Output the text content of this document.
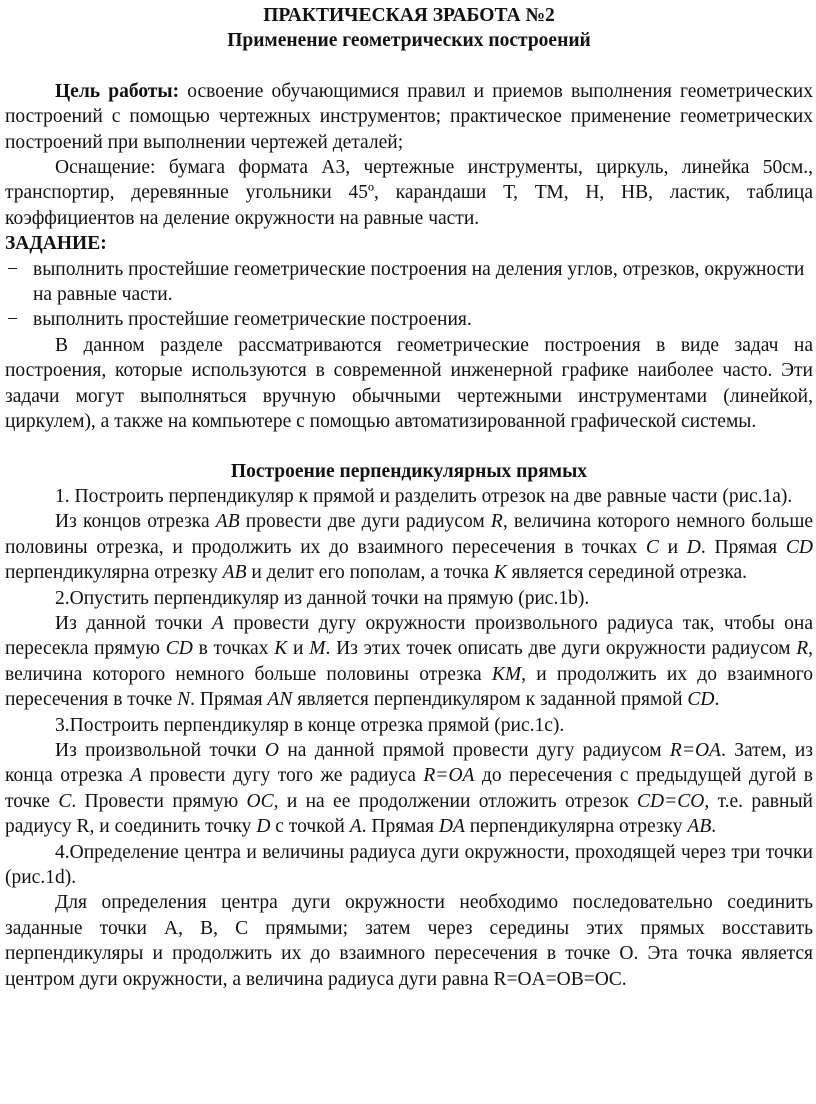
ПРАКТИЧЕСКАЯ ЗРАБОТА №2

Применение геометрических построений

Цель работы: освоение обучающимися правил и приемов выполнения геометрических построений с помощью чертежных инструментов; практическое применение геометрических построений при выполнении чертежей деталей;

Оснащение: бумага формата А3, чертежные инструменты, циркуль, линейка 50см., транспортир, деревянные угольники 45º, карандаши Т, ТМ, Н, НВ, ластик, таблица коэффициентов на деление окружности на равные части.

ЗАДАНИЕ:

− выполнить простейшие геометрические построения на деления углов, отрезков, окружности на равные части.
− выполнить простейшие геометрические построения.

В данном разделе рассматриваются геометрические построения в виде задач на построения, которые используются в современной инженерной графике наиболее часто. Эти задачи могут выполняться вручную обычными чертежными инструментами (линейкой, циркулем), а также на компьютере с помощью автоматизированной графической системы.

Построение перпендикулярных прямых

1. Построить перпендикуляр к прямой и разделить отрезок на две равные части (рис.1а).

Из концов отрезка AB провести две дуги радиусом R, величина которого немного больше половины отрезка, и продолжить их до взаимного пересечения в точках C и D. Прямая CD перпендикулярна отрезку AB и делит его пополам, а точка K является серединой отрезка.

2.Опустить перпендикуляр из данной точки на прямую (рис.1b).

Из данной точки A провести дугу окружности произвольного радиуса так, чтобы она пересекла прямую CD в точках K и M. Из этих точек описать две дуги окружности радиусом R, величина которого немного больше половины отрезка KM, и продолжить их до взаимного пересечения в точке N. Прямая AN является перпендикуляром к заданной прямой CD.

3.Построить перпендикуляр в конце отрезка прямой (рис.1c).

Из произвольной точки O на данной прямой провести дугу радиусом R=OA. Затем, из конца отрезка A провести дугу того же радиуса R=OA до пересечения с предыдущей дугой в точке C. Провести прямую OC, и на ее продолжении отложить отрезок CD=CO, т.е. равный радиусу R, и соединить точку D с точкой A. Прямая DA перпендикулярна отрезку AB.

4.Определение центра и величины радиуса дуги окружности, проходящей через три точки (рис.1d).

Для определения центра дуги окружности необходимо последовательно соединить заданные точки А, В, С прямыми; затем через середины этих прямых восставить перпендикуляры и продолжить их до взаимного пересечения в точке О. Эта точка является центром дуги окружности, а величина радиуса дуги равна R=OA=OB=OC.
